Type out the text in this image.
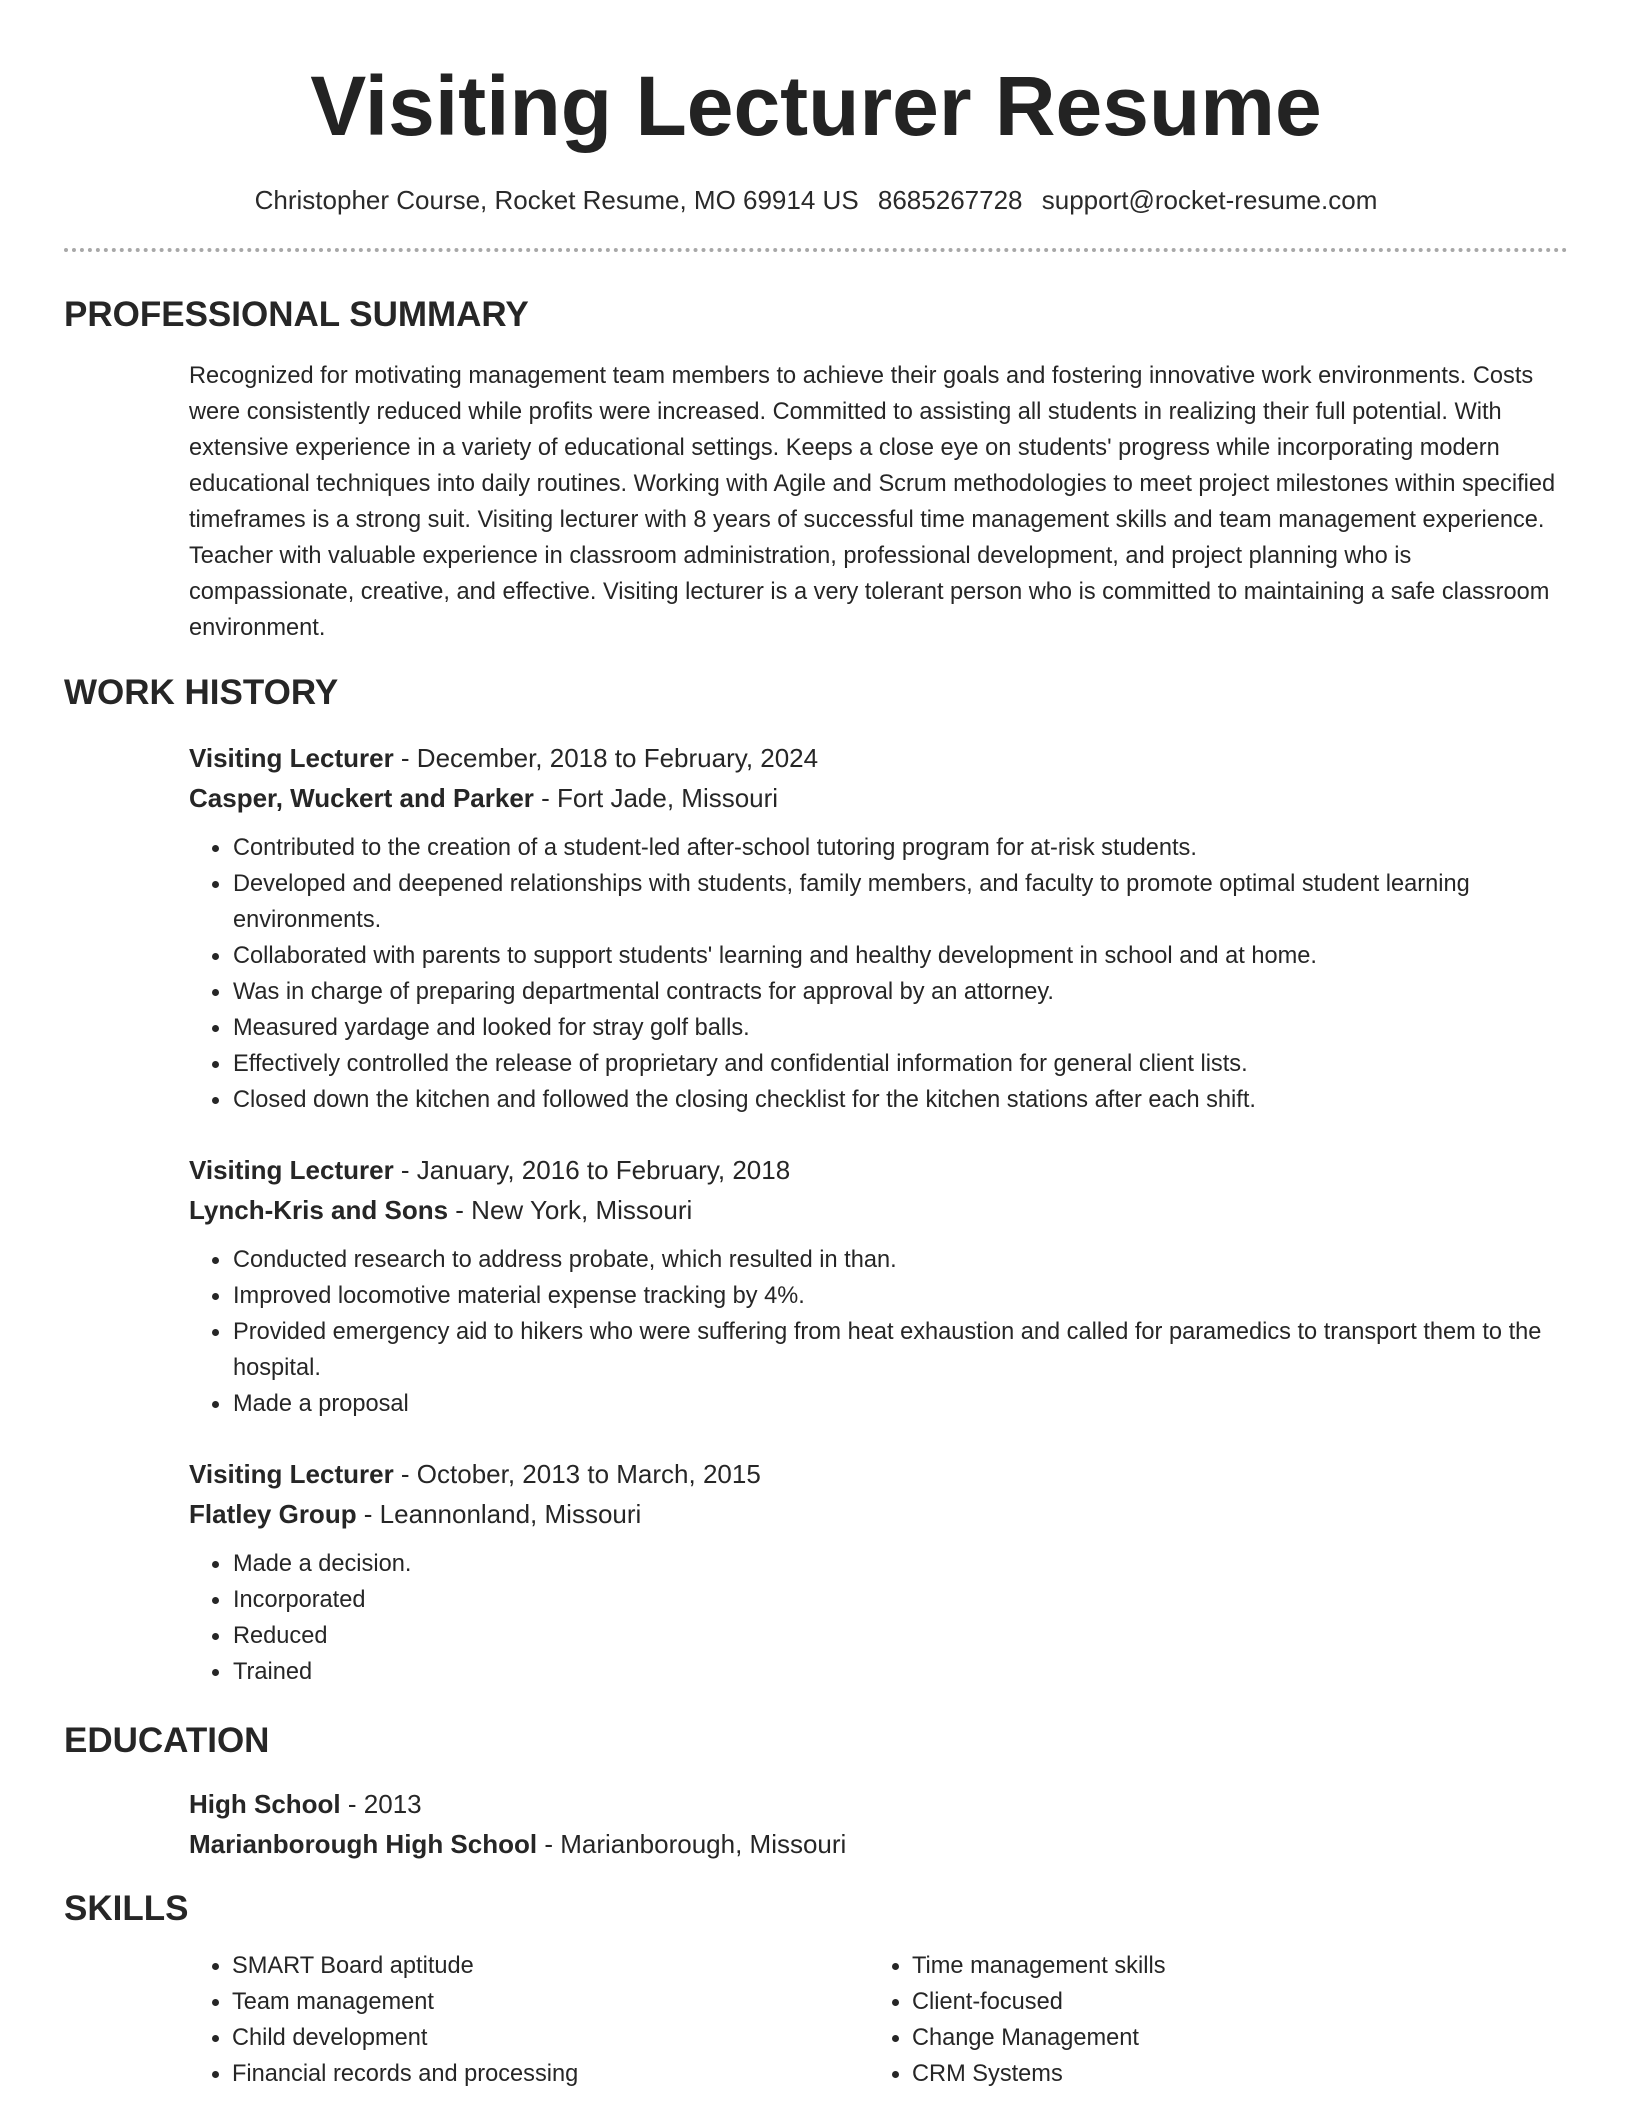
Visiting Lecturer Resume
Christopher Course, Rocket Resume, MO 69914 US 8685267728 support@rocket-resume.com
PROFESSIONAL SUMMARY

Recognized for motivating management team members to achieve their goals and fostering innovative work environments. Costs were consistently reduced while profits were increased. Committed to assisting all students in realizing their full potential. With extensive experience in a variety of educational settings. Keeps a close eye on students' progress while incorporating modern educational techniques into daily routines. Working with Agile and Scrum methodologies to meet project milestones within specified timeframes is a strong suit. Visiting lecturer with 8 years of successful time management skills and team management experience. Teacher with valuable experience in classroom administration, professional development, and project planning who is compassionate, creative, and effective. Visiting lecturer is a very tolerant person who is committed to maintaining a safe classroom environment.

WORK HISTORY
Visiting Lecturer - December, 2018 to February, 2024
Casper, Wuckert and Parker - Fort Jade, Missouri
• Contributed to the creation of a student-led after-school tutoring program for at-risk students.
• Developed and deepened relationships with students, family members, and faculty to promote optimal student learning environments.
• Collaborated with parents to support students' learning and healthy development in school and at home.
• Was in charge of preparing departmental contracts for approval by an attorney.
• Measured yardage and looked for stray golf balls.
• Effectively controlled the release of proprietary and confidential information for general client lists.
• Closed down the kitchen and followed the closing checklist for the kitchen stations after each shift.
Visiting Lecturer - January, 2016 to February, 2018
Lynch-Kris and Sons - New York, Missouri
• Conducted research to address probate, which resulted in than.
• Improved locomotive material expense tracking by 4%.
• Provided emergency aid to hikers who were suffering from heat exhaustion and called for paramedics to transport them to the hospital.
• Made a proposal
Visiting Lecturer - October, 2013 to March, 2015
Flatley Group - Leannonland, Missouri
• Made a decision.
• Incorporated
• Reduced
• Trained
EDUCATION
High School - 2013
Marianborough High School - Marianborough, Missouri
SKILLS
• SMART Board aptitude
• Team management
• Child development
• Financial records and processing
• Time management skills
• Client-focused
• Change Management
• CRM Systems
